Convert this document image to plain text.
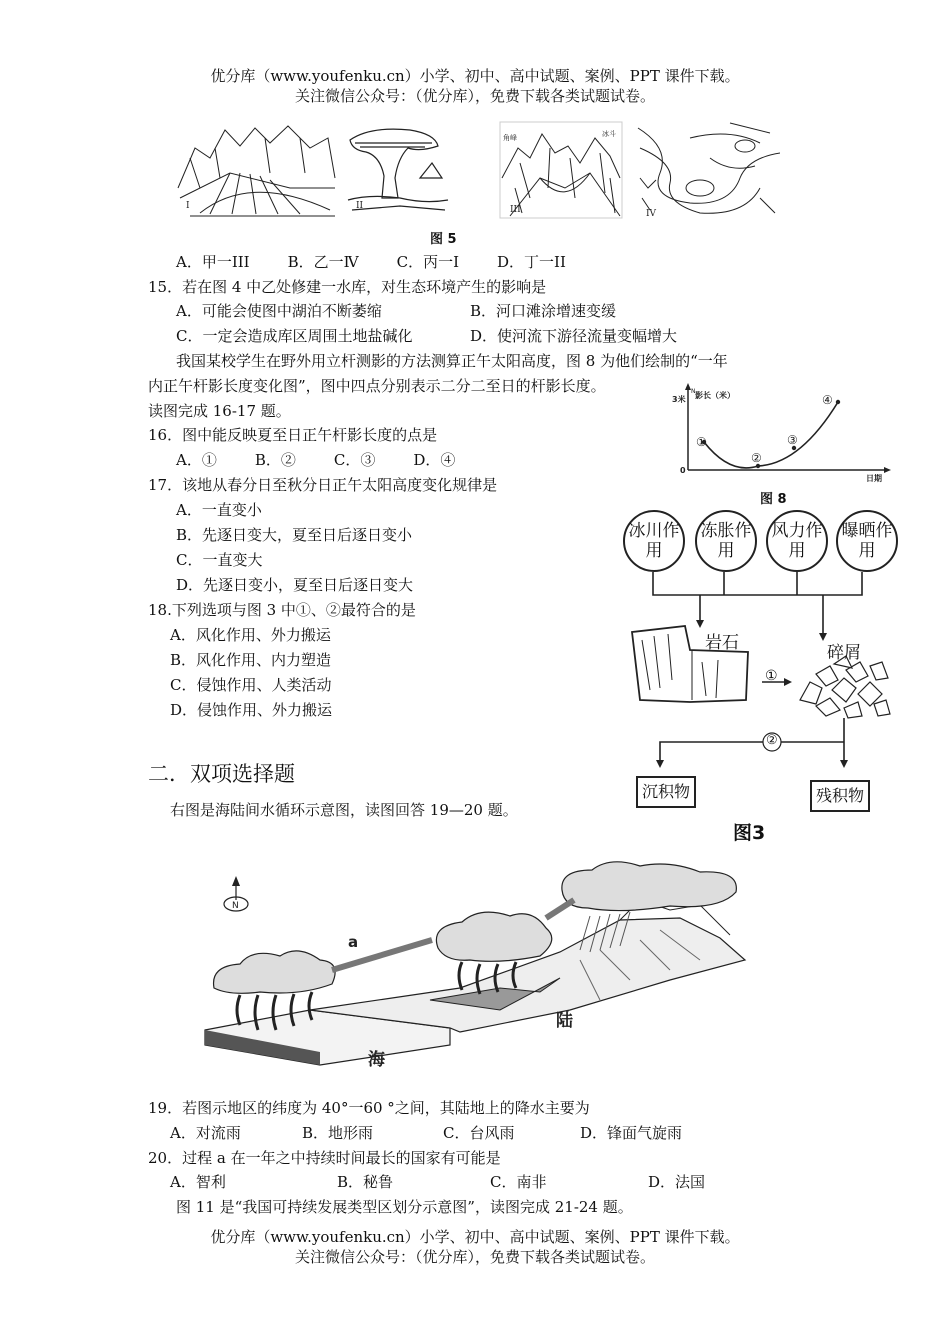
优分库（www.youfenku.cn）小学、初中、高中试题、案例、PPT 课件下载。
关注微信公众号：（优分库），免费下载各类试题试卷。
I	II
角峰	冰斗
III	IV
图 5
A．甲一III	B．乙一Ⅳ	C．丙一I	D．丁一II
15．若在图 4 中乙处修建一水库，对生态环境产生的影响是
A．可能会使图中湖泊不断萎缩	B．河口滩涂增速变缓
C．一定会造成库区周围土地盐碱化	D．使河流下游径流量变幅增大
我国某校学生在野外用立杆测影的方法测算正午太阳高度，图 8 为他们绘制的“一年
内正午杆影长度变化图”，图中四点分别表示二分二至日的杆影长度。
读图完成 16-17 题。
16．图中能反映夏至日正午杆影长度的点是
A．①	B．②	C．③	D．④
17．该地从春分日至秋分日正午太阳高度变化规律是
A．一直变小
B．先逐日变大，夏至日后逐日变小
C．一直变大
D．先逐日变小，夏至日后逐日变大
18.下列选项与图 3 中①、②最符合的是
A．风化作用、外力搬运
B．风化作用、内力塑造
C．侵蚀作用、人类活动
D．侵蚀作用、外力搬运
影长（米）
3米
0
N
日期
①
②
③
④
图 8
冰川作用
冻胀作用
风力作用
曝晒作用
岩石	碎屑
①
②
沉积物	残积物
图3
二．双项选择题
右图是海陆间水循环示意图，读图回答 19—20 题。
N
a
陆
海
19．若图示地区的纬度为 40°一60 °之间，其陆地上的降水主要为
A．对流雨	B．地形雨	C．台风雨	D．锋面气旋雨
20．过程 a 在一年之中持续时间最长的国家有可能是
A．智利	B．秘鲁	C．南非	D．法国
图 11 是“我国可持续发展类型区划分示意图”，读图完成 21-24 题。
优分库（www.youfenku.cn）小学、初中、高中试题、案例、PPT 课件下载。
关注微信公众号：（优分库），免费下载各类试题试卷。
